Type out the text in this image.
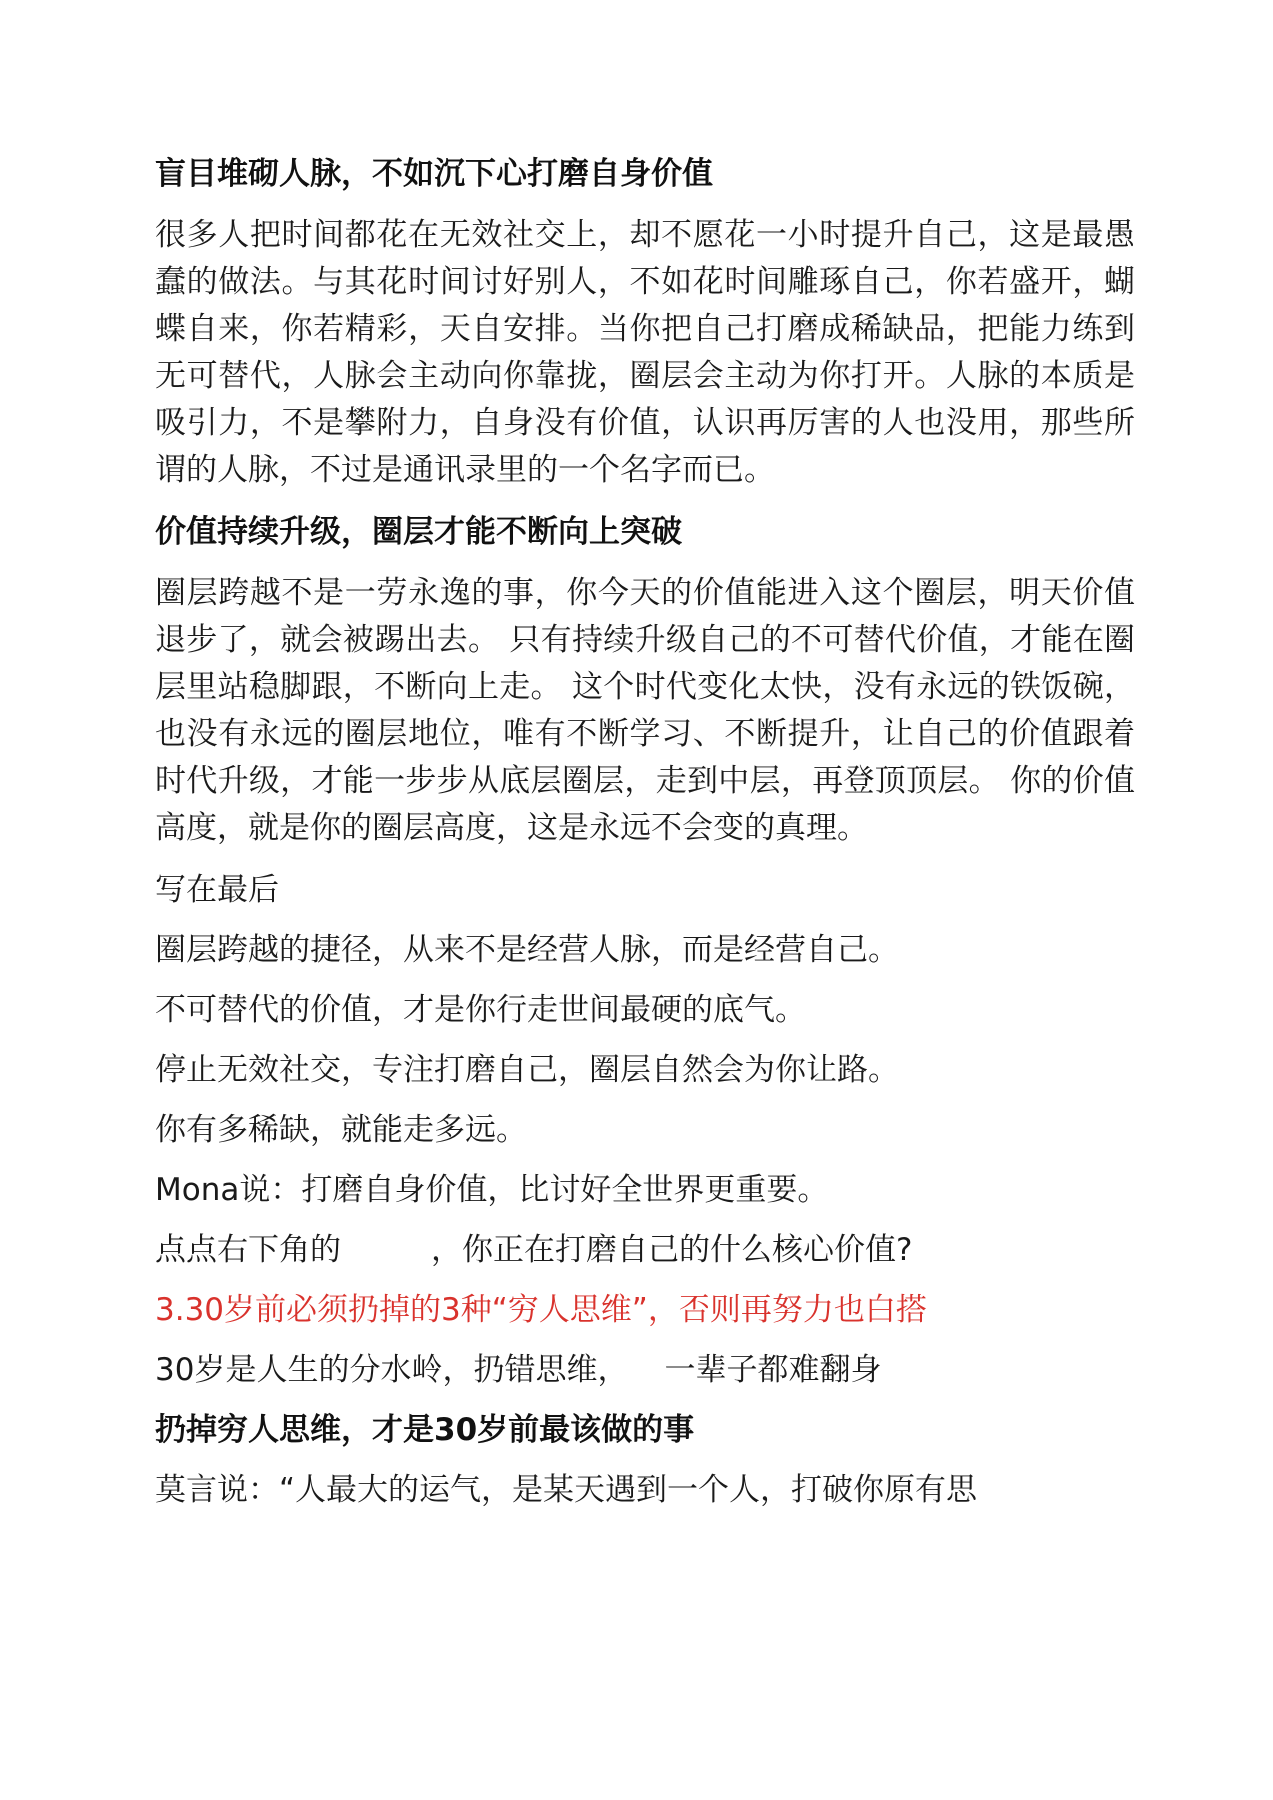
盲目堆砌人脉，不如沉下心打磨自身价值

很多人把时间都花在无效社交上，却不愿花一小时提升自己，这是最愚蠢的做法。与其花时间讨好别人，不如花时间雕琢自己，你若盛开，蝴蝶自来，你若精彩，天自安排。当你把自己打磨成稀缺品，把能力练到无可替代，人脉会主动向你靠拢，圈层会主动为你打开。人脉的本质是吸引力，不是攀附力，自身没有价值，认识再厉害的人也没用，那些所谓的人脉，不过是通讯录里的一个名字而已。

价值持续升级，圈层才能不断向上突破

圈层跨越不是一劳永逸的事，你今天的价值能进入这个圈层，明天价值退步了，就会被踢出去。 只有持续升级自己的不可替代价值，才能在圈层里站稳脚跟，不断向上走。 这个时代变化太快，没有永远的铁饭碗，也没有永远的圈层地位，唯有不断学习、不断提升，让自己的价值跟着时代升级，才能一步步从底层圈层，走到中层，再登顶顶层。 你的价值高度，就是你的圈层高度，这是永远不会变的真理。

写在最后

圈层跨越的捷径，从来不是经营人脉，而是经营自己。

不可替代的价值，才是你行走世间最硬的底气。

停止无效社交，专注打磨自己，圈层自然会为你让路。

你有多稀缺，就能走多远。

Mona说：打磨自身价值，比讨好全世界更重要。

点点右下角的	，你正在打磨自己的什么核心价值?

3.30岁前必须扔掉的3种“穷人思维”，否则再努力也白搭

30岁是人生的分水岭，扔错思维， 一辈子都难翻身

扔掉穷人思维，才是30岁前最该做的事

莫言说：“人最大的运气，是某天遇到一个人，打破你原有思
